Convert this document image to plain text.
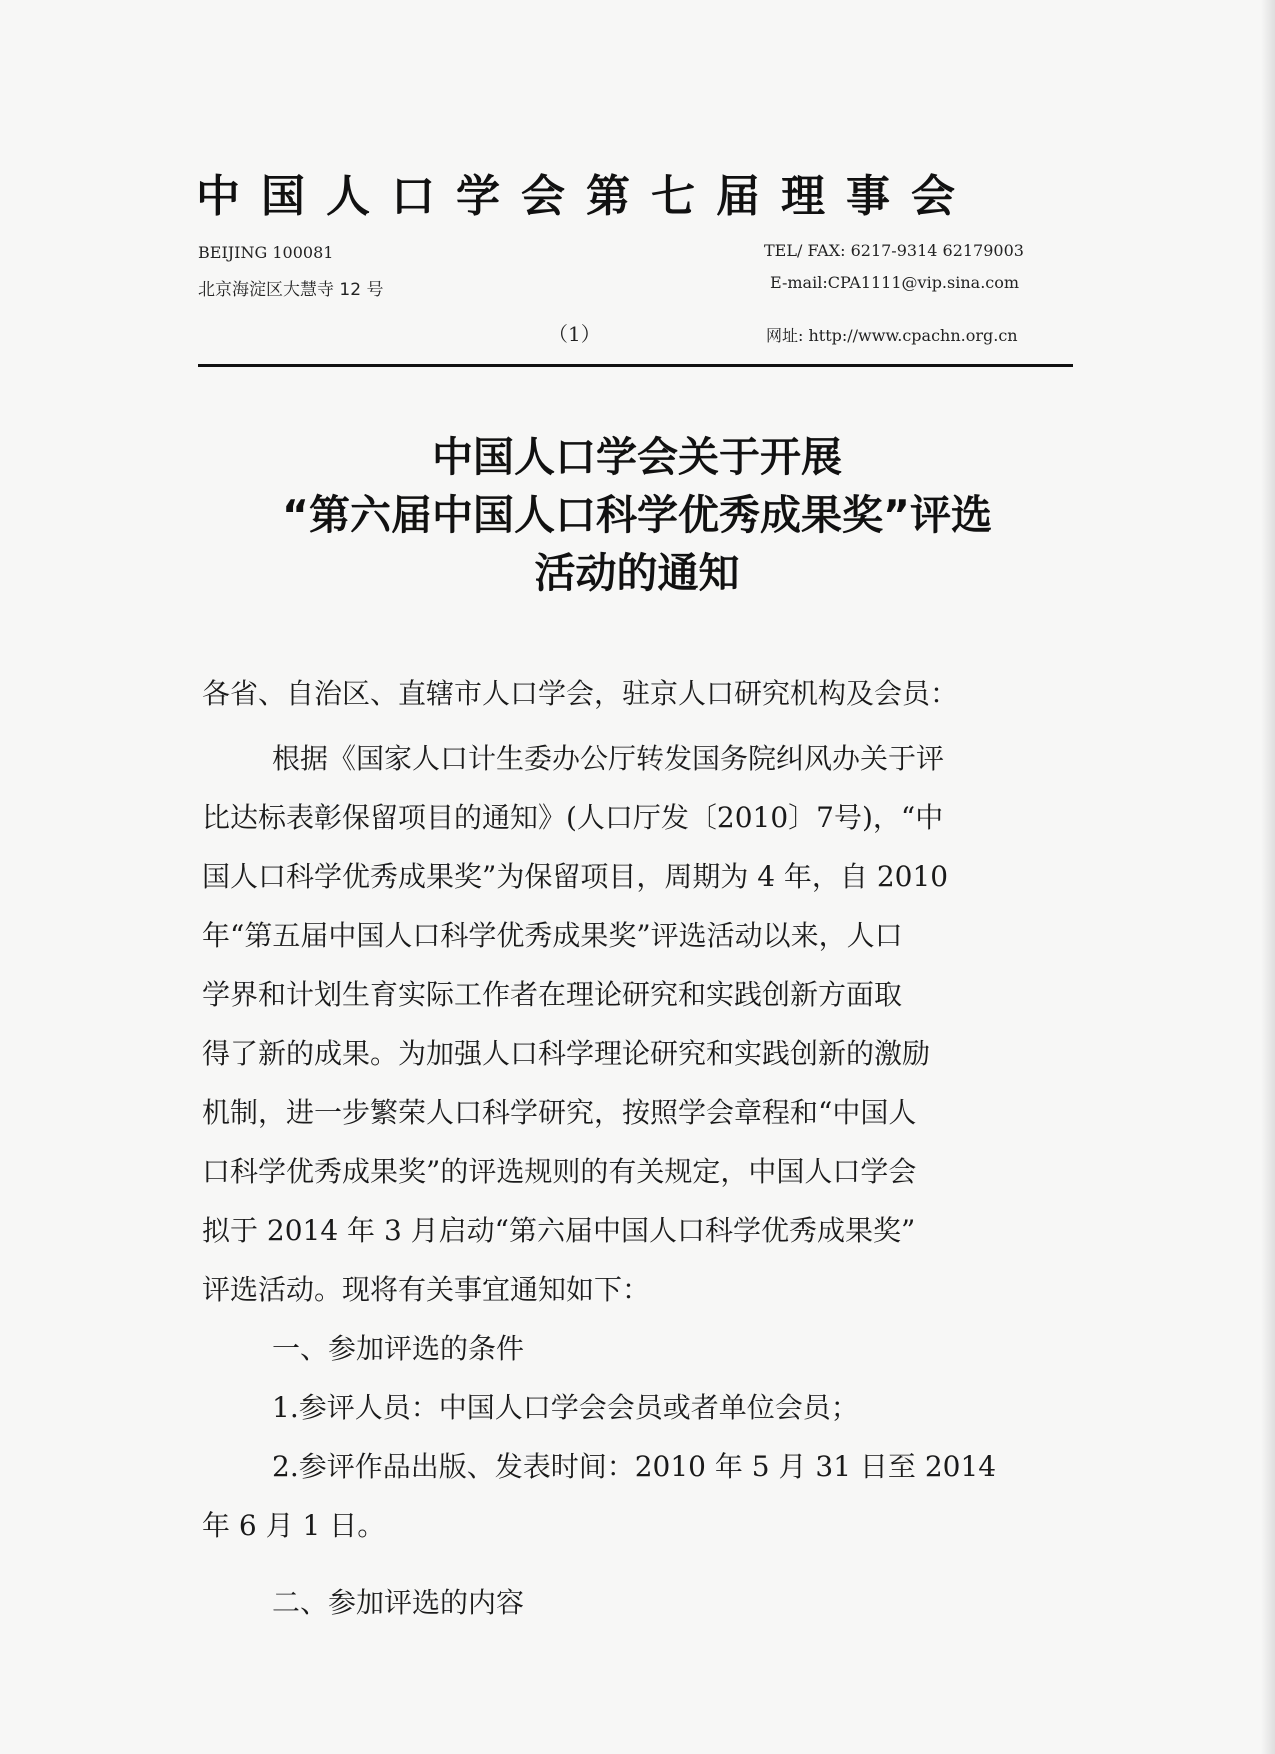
中国人口学会第七届理事会
BEIJING 100081
北京海淀区大慧寺 12 号
TEL/ FAX: 6217-9314 62179003
E-mail:CPA1111@vip.sina.com
（1）	网址: http://www.cpachn.org.cn
中国人口学会关于开展
“第六届中国人口科学优秀成果奖”评选
活动的通知

各省、自治区、直辖市人口学会，驻京人口研究机构及会员：

根据《国家人口计生委办公厅转发国务院纠风办关于评

比达标表彰保留项目的通知》(人口厅发〔2010〕7号)，“中

国人口科学优秀成果奖”为保留项目，周期为 4 年，自 2010

年“第五届中国人口科学优秀成果奖”评选活动以来，人口

学界和计划生育实际工作者在理论研究和实践创新方面取

得了新的成果。为加强人口科学理论研究和实践创新的激励

机制，进一步繁荣人口科学研究，按照学会章程和“中国人

口科学优秀成果奖”的评选规则的有关规定，中国人口学会

拟于 2014 年 3 月启动“第六届中国人口科学优秀成果奖”

评选活动。现将有关事宜通知如下：

一、参加评选的条件

1.参评人员：中国人口学会会员或者单位会员；

2.参评作品出版、发表时间：2010 年 5 月 31 日至 2014

年 6 月 1 日。

二、参加评选的内容
